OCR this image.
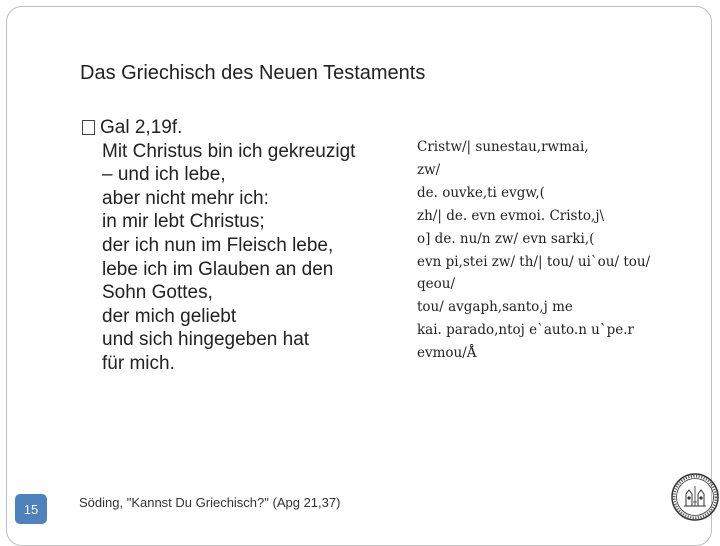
Das Griechisch des Neuen Testaments
Gal 2,19f.
Mit Christus bin ich gekreuzigt
– und ich lebe,
aber nicht mehr ich:
in mir lebt Christus;
der ich nun im Fleisch lebe,
lebe ich im Glauben an den
Sohn Gottes,
der mich geliebt
und sich hingegeben hat
für mich.
Cristw/| sunestau,rwmai,
zw/
de. ouvke,ti evgw,(
zh/| de. evn evmoi. Cristo,j\
o] de. nu/n zw/ evn sarki,(
evn pi,stei zw/ th/| tou/ ui`ou/ tou/
qeou/
tou/ avgaph,santo,j me
kai. parado,ntoj e`auto.n u`pe.r
evmou/Å
15	Söding, "Kannst Du Griechisch?" (Apg 21,37)
